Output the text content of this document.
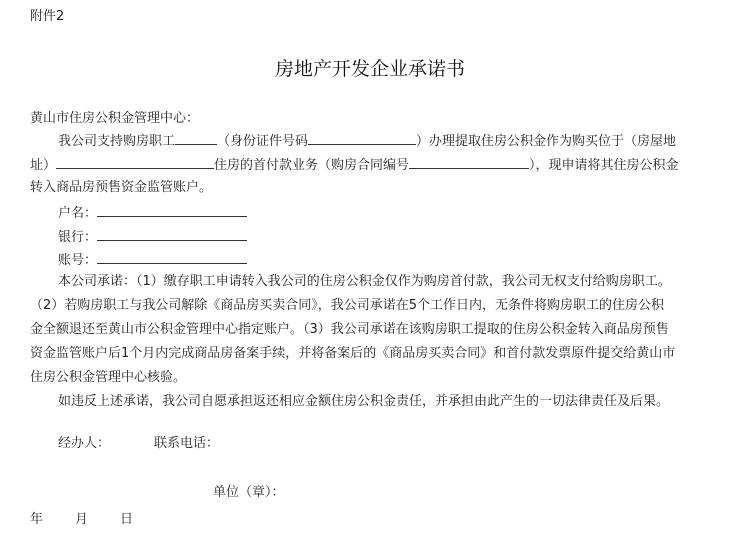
附件2
房地产开发企业承诺书
黄山市住房公积金管理中心：
我公司支持购房职工	（身份证件号码	）办理提取住房公积金作为购买位于（房屋地
址）	住房的首付款业务（购房合同编号	），现申请将其住房公积金
转入商品房预售资金监管账户。
户名：
银行：
账号：
本公司承诺：（1）缴存职工申请转入我公司的住房公积金仅作为购房首付款，我公司无权支付给购房职工。
（2）若购房职工与我公司解除《商品房买卖合同》，我公司承诺在5个工作日内，无条件将购房职工的住房公积
金全额退还至黄山市公积金管理中心指定账户。（3）我公司承诺在该购房职工提取的住房公积金转入商品房预售
资金监管账户后1个月内完成商品房备案手续，并将备案后的《商品房买卖合同》和首付款发票原件提交给黄山市
住房公积金管理中心核验。
如违反上述承诺，我公司自愿承担返还相应金额住房公积金责任，并承担由此产生的一切法律责任及后果。
经办人：	联系电话：
单位（章）：
年 月 日
